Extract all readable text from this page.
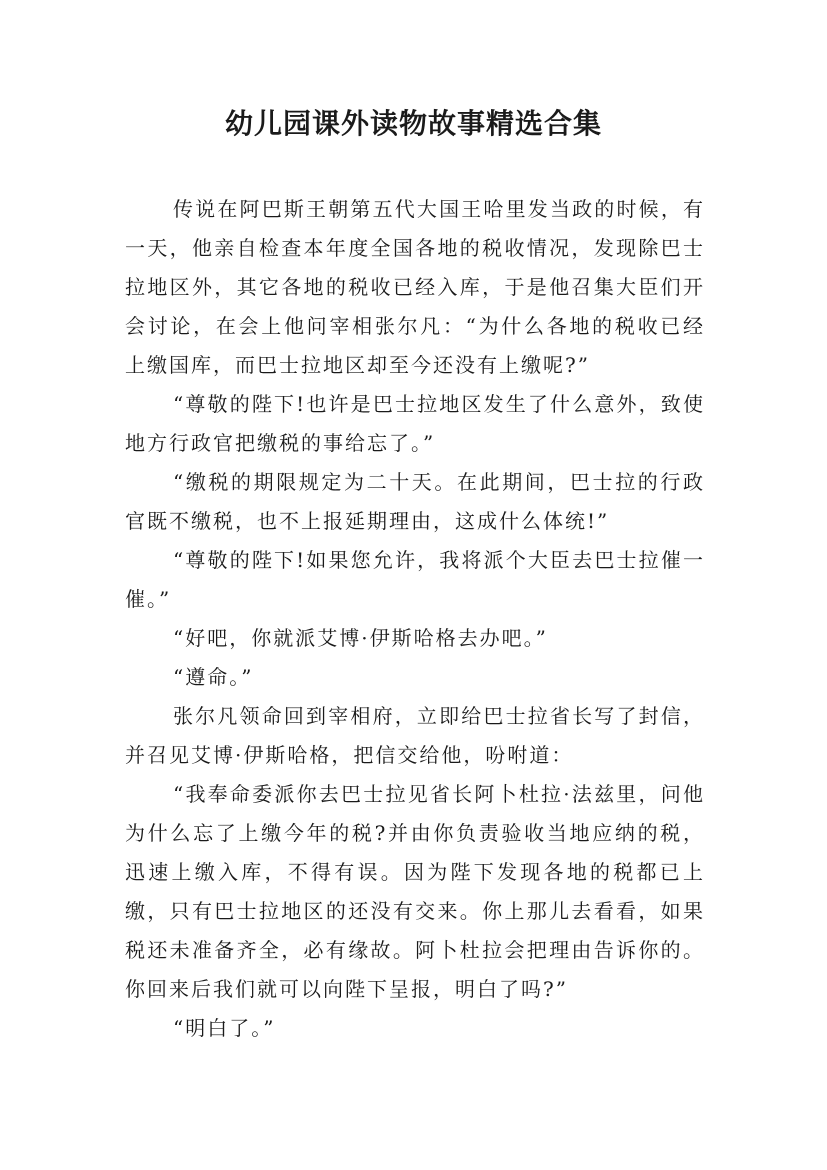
幼儿园课外读物故事精选合集

传说在阿巴斯王朝第五代大国王哈里发当政的时候，有一天，他亲自检查本年度全国各地的税收情况，发现除巴士拉地区外，其它各地的税收已经入库，于是他召集大臣们开会讨论，在会上他问宰相张尔凡：“为什么各地的税收已经上缴国库，而巴士拉地区却至今还没有上缴呢?”

“尊敬的陛下!也许是巴士拉地区发生了什么意外，致使地方行政官把缴税的事给忘了。”

“缴税的期限规定为二十天。在此期间，巴士拉的行政官既不缴税，也不上报延期理由，这成什么体统!”

“尊敬的陛下!如果您允许，我将派个大臣去巴士拉催一催。”

“好吧，你就派艾博·伊斯哈格去办吧。”

“遵命。”

张尔凡领命回到宰相府，立即给巴士拉省长写了封信，并召见艾博·伊斯哈格，把信交给他，吩咐道：

“我奉命委派你去巴士拉见省长阿卜杜拉·法兹里，问他为什么忘了上缴今年的税?并由你负责验收当地应纳的税，迅速上缴入库，不得有误。因为陛下发现各地的税都已上缴，只有巴士拉地区的还没有交来。你上那儿去看看，如果税还未准备齐全，必有缘故。阿卜杜拉会把理由告诉你的。你回来后我们就可以向陛下呈报，明白了吗?”

“明白了。”
